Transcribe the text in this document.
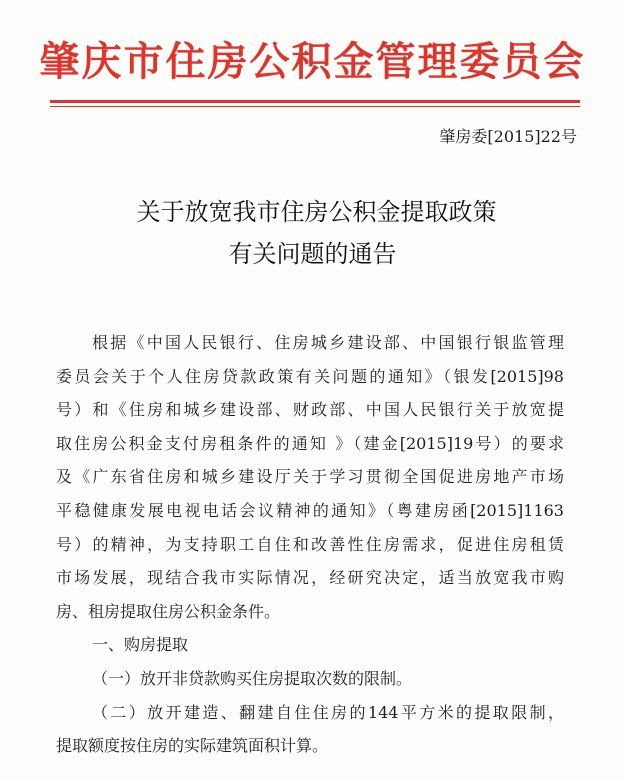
肇庆市住房公积金管理委员会
肇房委[2015]22号
关于放宽我市住房公积金提取政策
有关问题的通告
根据《中国人民银行、住房城乡建设部、中国银行银监管理
委员会关于个人住房贷款政策有关问题的通知》（银发[2015]98
号）和《住房和城乡建设部、财政部、中国人民银行关于放宽提
取住房公积金支付房租条件的通知 》（建金[2015]19号）的要求
及《广东省住房和城乡建设厅关于学习贯彻全国促进房地产市场
平稳健康发展电视电话会议精神的通知》（粤建房函[2015]1163
号）的精神，为支持职工自住和改善性住房需求，促进住房租赁
市场发展，现结合我市实际情况，经研究决定，适当放宽我市购
房、租房提取住房公积金条件。
一、购房提取
（一）放开非贷款购买住房提取次数的限制。
（二）放开建造、翻建自住住房的144平方米的提取限制，
提取额度按住房的实际建筑面积计算。
